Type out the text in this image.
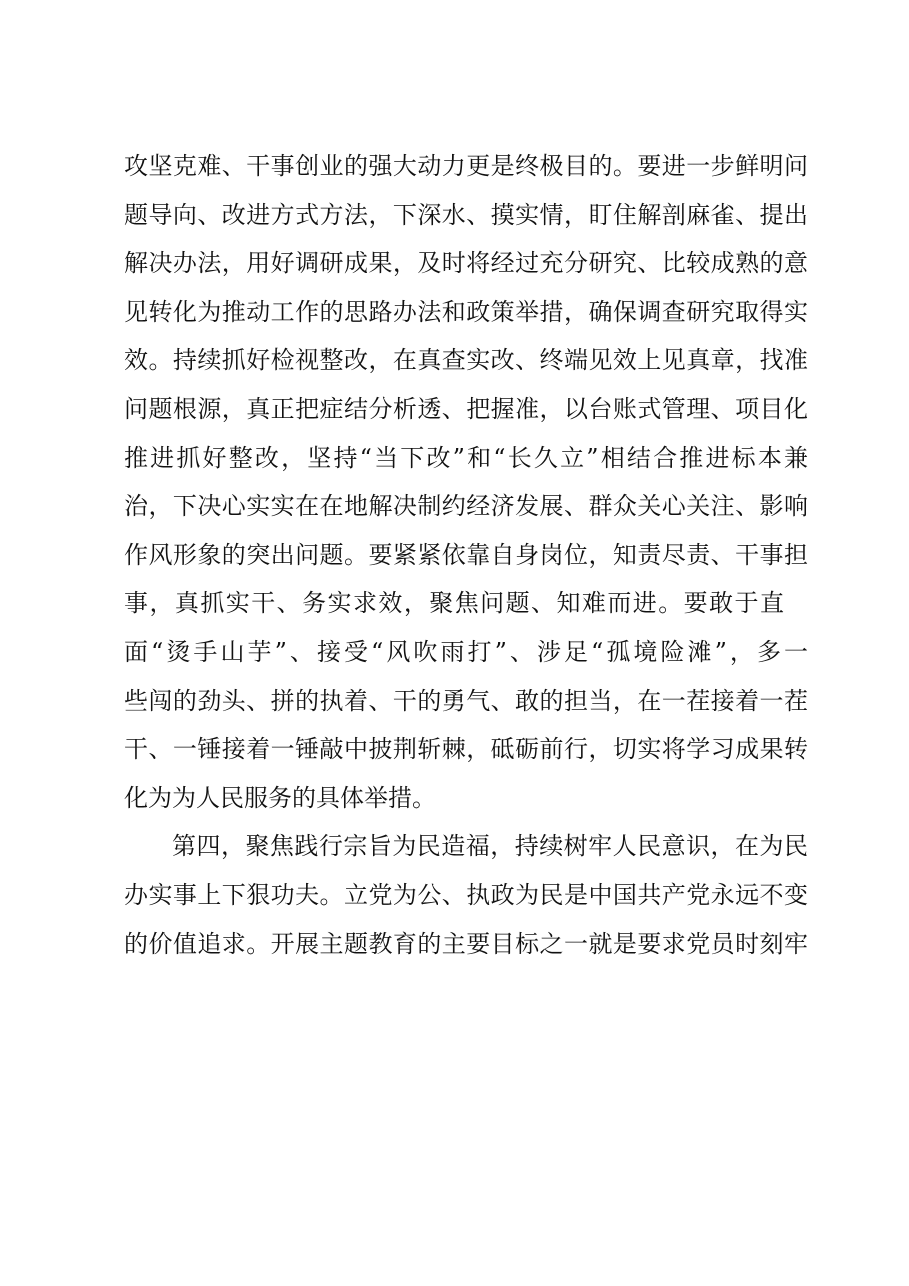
攻坚克难、干事创业的强大动力更是终极目的。要进一步鲜明问
题导向、改进方式方法，下深水、摸实情，盯住解剖麻雀、提出
解决办法，用好调研成果，及时将经过充分研究、比较成熟的意
见转化为推动工作的思路办法和政策举措，确保调查研究取得实
效。持续抓好检视整改，在真查实改、终端见效上见真章，找准
问题根源，真正把症结分析透、把握准，以台账式管理、项目化
推进抓好整改，坚持“当下改”和“长久立”相结合推进标本兼
治，下决心实实在在地解决制约经济发展、群众关心关注、影响
作风形象的突出问题。要紧紧依靠自身岗位，知责尽责、干事担
事，真抓实干、务实求效，聚焦问题、知难而进。要敢于直
面“烫手山芋”、接受“风吹雨打”、涉足“孤境险滩”，多一
些闯的劲头、拼的执着、干的勇气、敢的担当，在一茬接着一茬
干、一锤接着一锤敲中披荆斩棘，砥砺前行，切实将学习成果转
化为为人民服务的具体举措。
第四，聚焦践行宗旨为民造福，持续树牢人民意识，在为民
办实事上下狠功夫。立党为公、执政为民是中国共产党永远不变
的价值追求。开展主题教育的主要目标之一就是要求党员时刻牢
